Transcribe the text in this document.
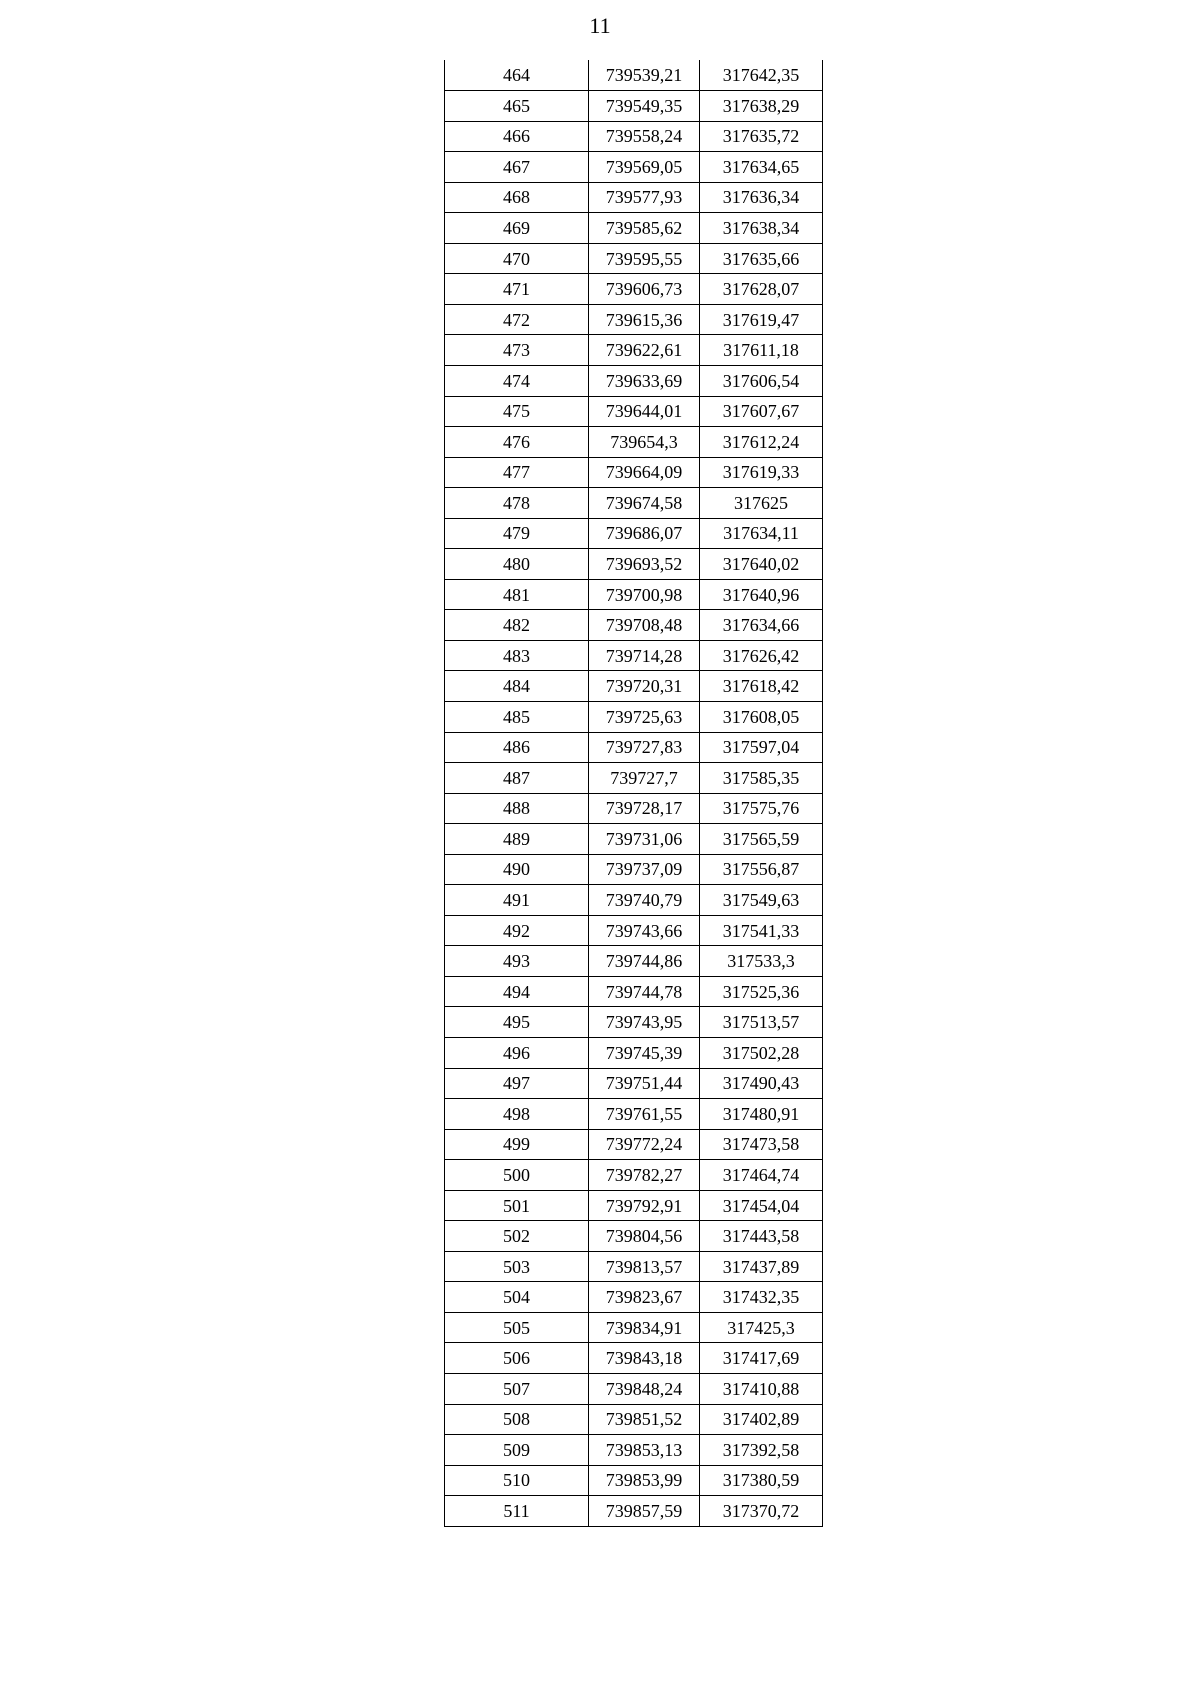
11
464	739539,21	317642,35
465	739549,35	317638,29
466	739558,24	317635,72
467	739569,05	317634,65
468	739577,93	317636,34
469	739585,62	317638,34
470	739595,55	317635,66
471	739606,73	317628,07
472	739615,36	317619,47
473	739622,61	317611,18
474	739633,69	317606,54
475	739644,01	317607,67
476	739654,3	317612,24
477	739664,09	317619,33
478	739674,58	317625
479	739686,07	317634,11
480	739693,52	317640,02
481	739700,98	317640,96
482	739708,48	317634,66
483	739714,28	317626,42
484	739720,31	317618,42
485	739725,63	317608,05
486	739727,83	317597,04
487	739727,7	317585,35
488	739728,17	317575,76
489	739731,06	317565,59
490	739737,09	317556,87
491	739740,79	317549,63
492	739743,66	317541,33
493	739744,86	317533,3
494	739744,78	317525,36
495	739743,95	317513,57
496	739745,39	317502,28
497	739751,44	317490,43
498	739761,55	317480,91
499	739772,24	317473,58
500	739782,27	317464,74
501	739792,91	317454,04
502	739804,56	317443,58
503	739813,57	317437,89
504	739823,67	317432,35
505	739834,91	317425,3
506	739843,18	317417,69
507	739848,24	317410,88
508	739851,52	317402,89
509	739853,13	317392,58
510	739853,99	317380,59
511	739857,59	317370,72
